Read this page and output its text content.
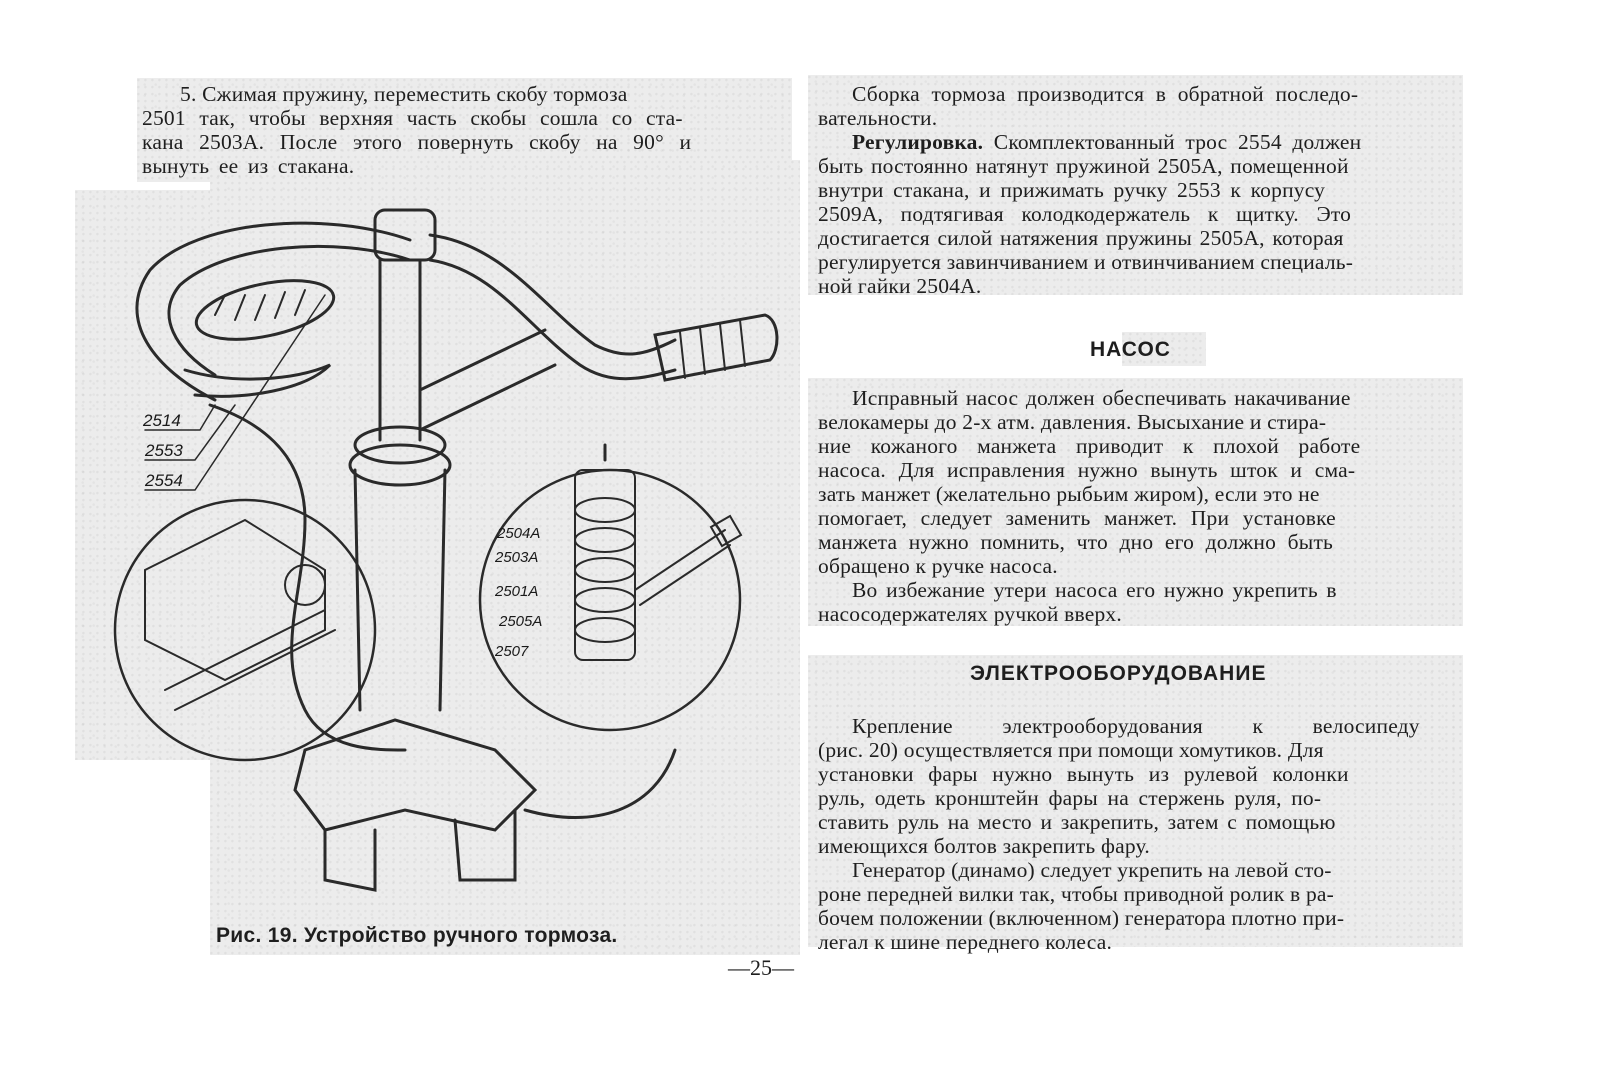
5. Сжимая пружину, переместить скобу тормоза
2501 так, чтобы верхняя часть скобы сошла со ста-
кана 2503А. После этого повернуть скобу на 90° и
вынуть ее из стакана.
2514
2553
2554
2504А
2503А
2501А
2505А
2507
Рис. 19. Устройство ручного тормоза.
—25—
Сборка тормоза производится в обратной последо-
вательности.
Регулировка. Скомплектованный трос 2554 должен
быть постоянно натянут пружиной 2505А, помещенной
внутри стакана, и прижимать ручку 2553 к корпусу
2509А, подтягивая колодкодержатель к щитку. Это
достигается силой натяжения пружины 2505А, которая
регулируется завинчиванием и отвинчиванием специаль-
ной гайки 2504А.
НАСОС
Исправный насос должен обеспечивать накачивание
велокамеры до 2-х атм. давления. Высыхание и стира-
ние кожаного манжета приводит к плохой работе
насоса. Для исправления нужно вынуть шток и сма-
зать манжет (желательно рыбьим жиром), если это не
помогает, следует заменить манжет. При установке
манжета нужно помнить, что дно его должно быть
обращено к ручке насоса.
Во избежание утери насоса его нужно укрепить в
насосодержателях ручкой вверх.
ЭЛЕКТРООБОРУДОВАНИЕ
Крепление электрооборудования к велосипеду
(рис. 20) осуществляется при помощи хомутиков. Для
установки фары нужно вынуть из рулевой колонки
руль, одеть кронштейн фары на стержень руля, по-
ставить руль на место и закрепить, затем с помощью
имеющихся болтов закрепить фару.
Генератор (динамо) следует укрепить на левой сто-
роне передней вилки так, чтобы приводной ролик в ра-
бочем положении (включенном) генератора плотно при-
легал к шине переднего колеса.
